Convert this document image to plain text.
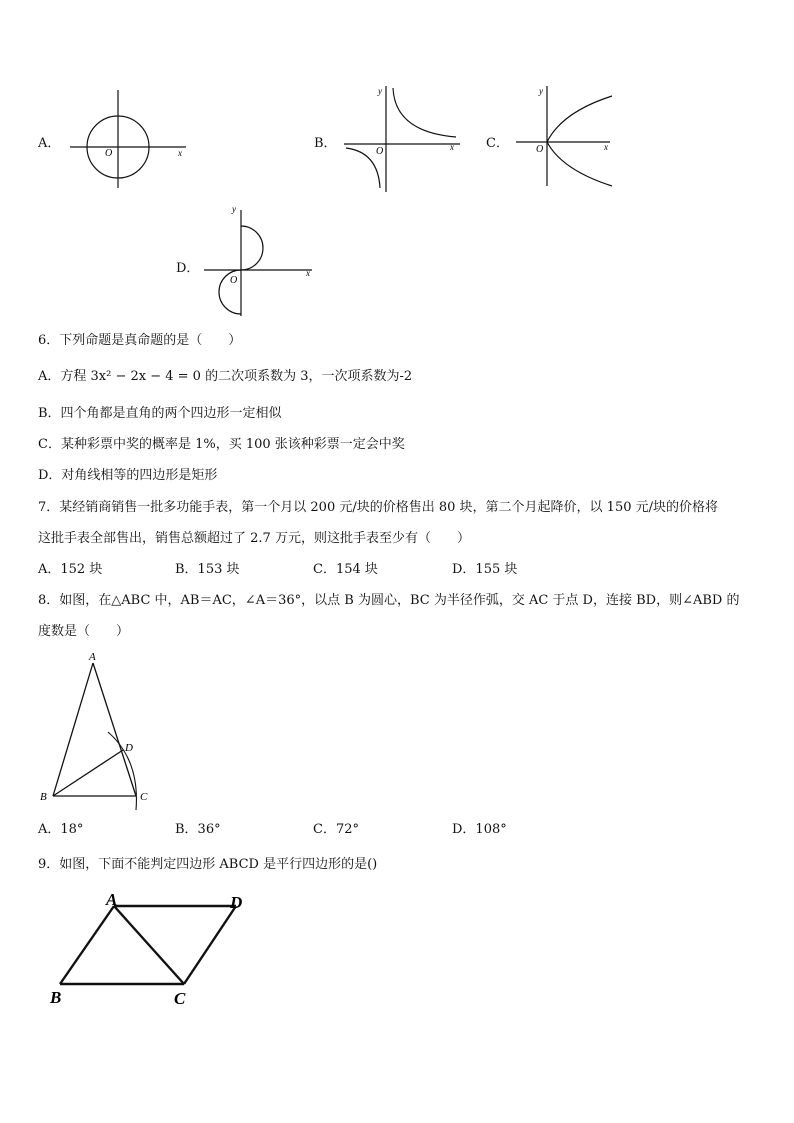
A．
O	x
B．
y
O	x C．
y
O	x
D．
y
O
x
6．下列命题是真命题的是（　　）
A．方程 3x² − 2x − 4 = 0 的二次项系数为 3，一次项系数为-2
B．四个角都是直角的两个四边形一定相似
C．某种彩票中奖的概率是 1%，买 100 张该种彩票一定会中奖
D．对角线相等的四边形是矩形
7．某经销商销售一批多功能手表，第一个月以 200 元/块的价格售出 80 块，第二个月起降价，以 150 元/块的价格将
这批手表全部售出，销售总额超过了 2.7 万元，则这批手表至少有（　　）
A．152 块	B．153 块	C．154 块	D．155 块
8．如图，在△ABC 中，AB＝AC，∠A＝36°，以点 B 为圆心，BC 为半径作弧，交 AC 于点 D，连接 BD，则∠ABD 的
度数是（　　）
A
B	C
D
A．18°	B．36°	C．72°	D．108°
9．如图，下面不能判定四边形 ABCD 是平行四边形的是()
A	D
B	C
